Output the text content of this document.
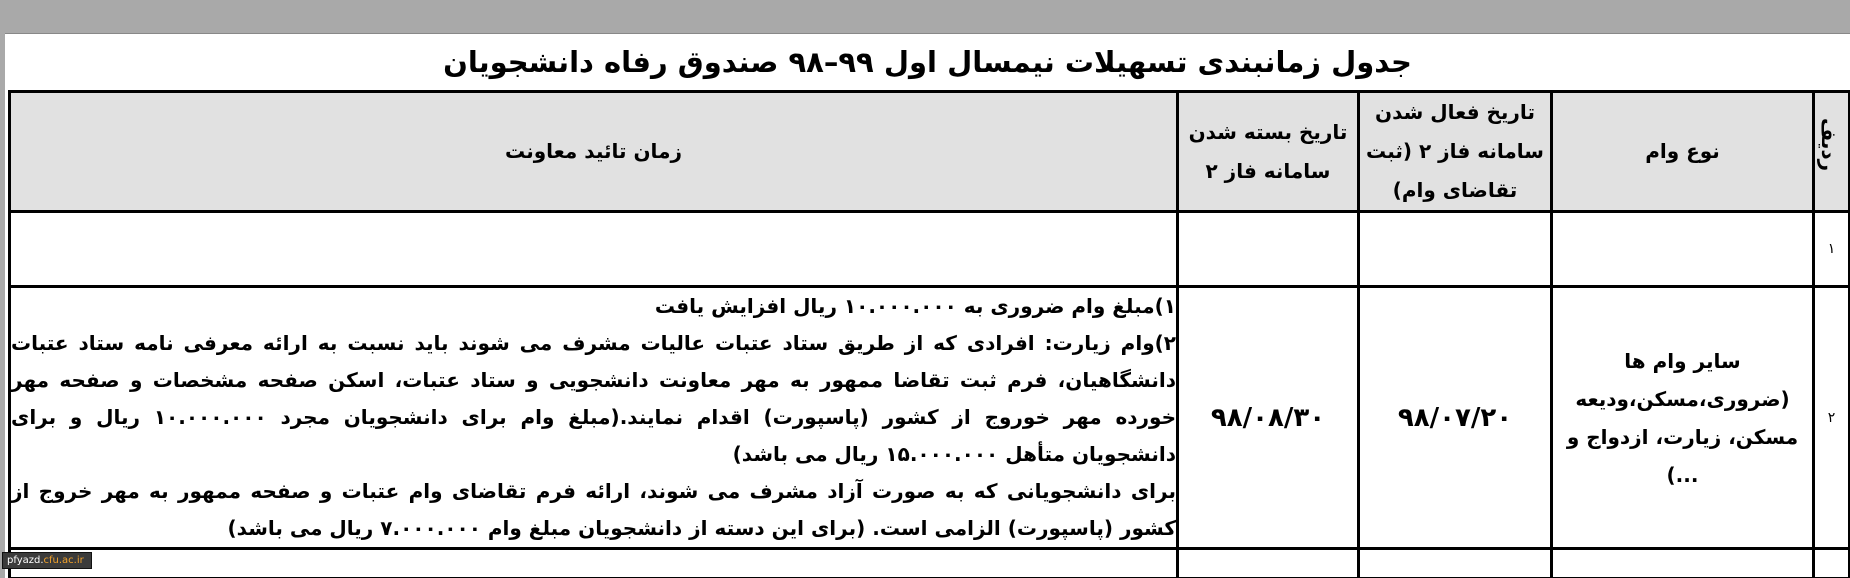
جدول زمانبندی تسهیلات نیمسال اول ۹۹–۹۸ صندوق رفاه دانشجویان
ردیف	نوع وام	تاریخ فعال شدن سامانه فاز ۲ (ثبت تقاضای وام)	تاریخ بسته شدن سامانه فاز ۲	زمان تائید معاونت
۱				
۲	سایر وام ها (ضروری،مسکن،ودیعه مسکن، زیارت، ازدواج و ...)	۹۸/۰۷/۲۰	۹۸/۰۸/۳۰	۱)مبلغ وام ضروری به ۱۰.۰۰۰.۰۰۰ ریال افزایش یافت

۲)وام زیارت: افرادی که از طریق ستاد عتبات عالیات مشرف می شوند باید نسبت به ارائه معرفی نامه ستاد عتبات دانشگاهیان، فرم ثبت تقاضا ممهور به مهر معاونت دانشجویی و ستاد عتبات، اسکن صفحه مشخصات و صفحه مهر خورده مهر خوروج از کشور (پاسپورت) اقدام نمایند.(مبلغ وام برای دانشجویان مجرد ۱۰.۰۰۰.۰۰۰ ریال و برای دانشجویان متأهل ۱۵.۰۰۰.۰۰۰ ریال می باشد)

برای دانشجویانی که به صورت آزاد مشرف می شوند، ارائه فرم تقاضای وام عتبات و صفحه ممهور به مهر خروج از کشور (پاسپورت) الزامی است. (برای این دسته از دانشجویان مبلغ وام ۷.۰۰۰.۰۰۰ ریال می باشد)

pfyazd. cfu.ac.ir
